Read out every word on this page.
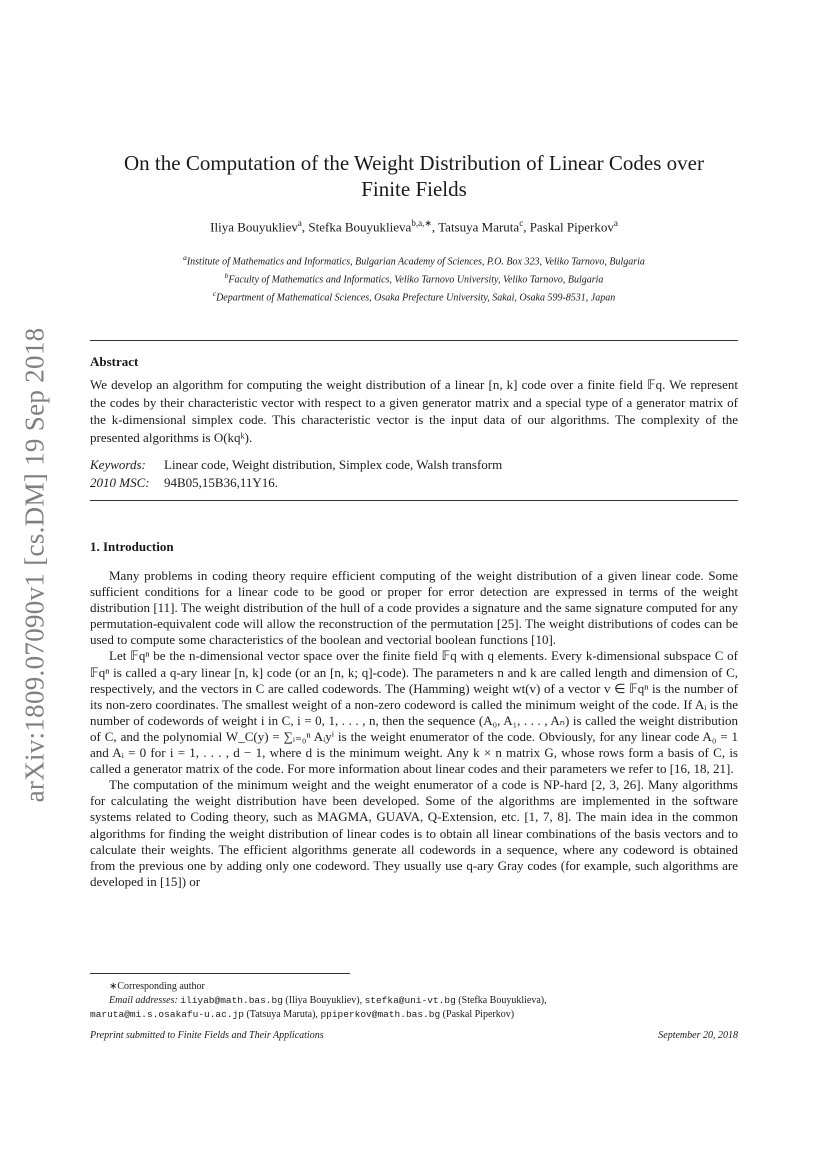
arXiv:1809.07090v1 [cs.DM] 19 Sep 2018
On the Computation of the Weight Distribution of Linear Codes over
Finite Fields
Iliya Bouyukliev$^a$, Stefka Bouyuklieva$^{b,a,∗}$, Tatsuya Maruta$^c$, Paskal Piperkov$^a$
$^a$Institute of Mathematics and Informatics, Bulgarian Academy of Sciences, P.O. Box 323, Veliko Tarnovo, Bulgaria
$^b$Faculty of Mathematics and Informatics, Veliko Tarnovo University, Veliko Tarnovo, Bulgaria
$^c$Department of Mathematical Sciences, Osaka Prefecture University, Sakai, Osaka 599-8531, Japan
Abstract
We develop an algorithm for computing the weight distribution of a linear [n, k] code over a finite field 𝔽q. We represent the codes by their characteristic vector with respect to a given generator matrix and a special type of a generator matrix of the k-dimensional simplex code. This characteristic vector is the input data of our algorithms. The complexity of the presented algorithms is O(kqᵏ).
Keywords: Linear code, Weight distribution, Simplex code, Walsh transform
2010 MSC: 94B05,15B36,11Y16.
1. Introduction

Many problems in coding theory require efficient computing of the weight distribution of a given linear code. Some sufficient conditions for a linear code to be good or proper for error detection are expressed in terms of the weight distribution [11]. The weight distribution of the hull of a code provides a signature and the same signature computed for any permutation-equivalent code will allow the reconstruction of the permutation [25]. The weight distributions of codes can be used to compute some characteristics of the boolean and vectorial boolean functions [10].

Let 𝔽qⁿ be the n-dimensional vector space over the finite field 𝔽q with q elements. Every k-dimensional subspace C of 𝔽qⁿ is called a q-ary linear [n, k] code (or an [n, k; q]-code). The parameters n and k are called length and dimension of C, respectively, and the vectors in C are called codewords. The (Hamming) weight wt(v) of a vector v ∈ 𝔽qⁿ is the number of its non-zero coordinates. The smallest weight of a non-zero codeword is called the minimum weight of the code. If Aᵢ is the number of codewords of weight i in C, i = 0, 1, . . . , n, then the sequence (A₀, A₁, . . . , Aₙ) is called the weight distribution of C, and the polynomial W_C(y) = ∑ᵢ₌₀ⁿ Aᵢyⁱ is the weight enumerator of the code. Obviously, for any linear code A₀ = 1 and Aᵢ = 0 for i = 1, . . . , d − 1, where d is the minimum weight. Any k × n matrix G, whose rows form a basis of C, is called a generator matrix of the code. For more information about linear codes and their parameters we refer to [16, 18, 21].

The computation of the minimum weight and the weight enumerator of a code is NP-hard [2, 3, 26]. Many algorithms for calculating the weight distribution have been developed. Some of the algorithms are implemented in the software systems related to Coding theory, such as MAGMA, GUAVA, Q-Extension, etc. [1, 7, 8]. The main idea in the common algorithms for finding the weight distribution of linear codes is to obtain all linear combinations of the basis vectors and to calculate their weights. The efficient algorithms generate all codewords in a sequence, where any codeword is obtained from the previous one by adding only one codeword. They usually use q-ary Gray codes (for example, such algorithms are developed in [15]) or

∗Corresponding author
Email addresses: iliyab@math.bas.bg (Iliya Bouyukliev), stefka@uni-vt.bg (Stefka Bouyuklieva),
maruta@mi.s.osakafu-u.ac.jp (Tatsuya Maruta), ppiperkov@math.bas.bg (Paskal Piperkov)
Preprint submitted to Finite Fields and Their Applications	September 20, 2018
